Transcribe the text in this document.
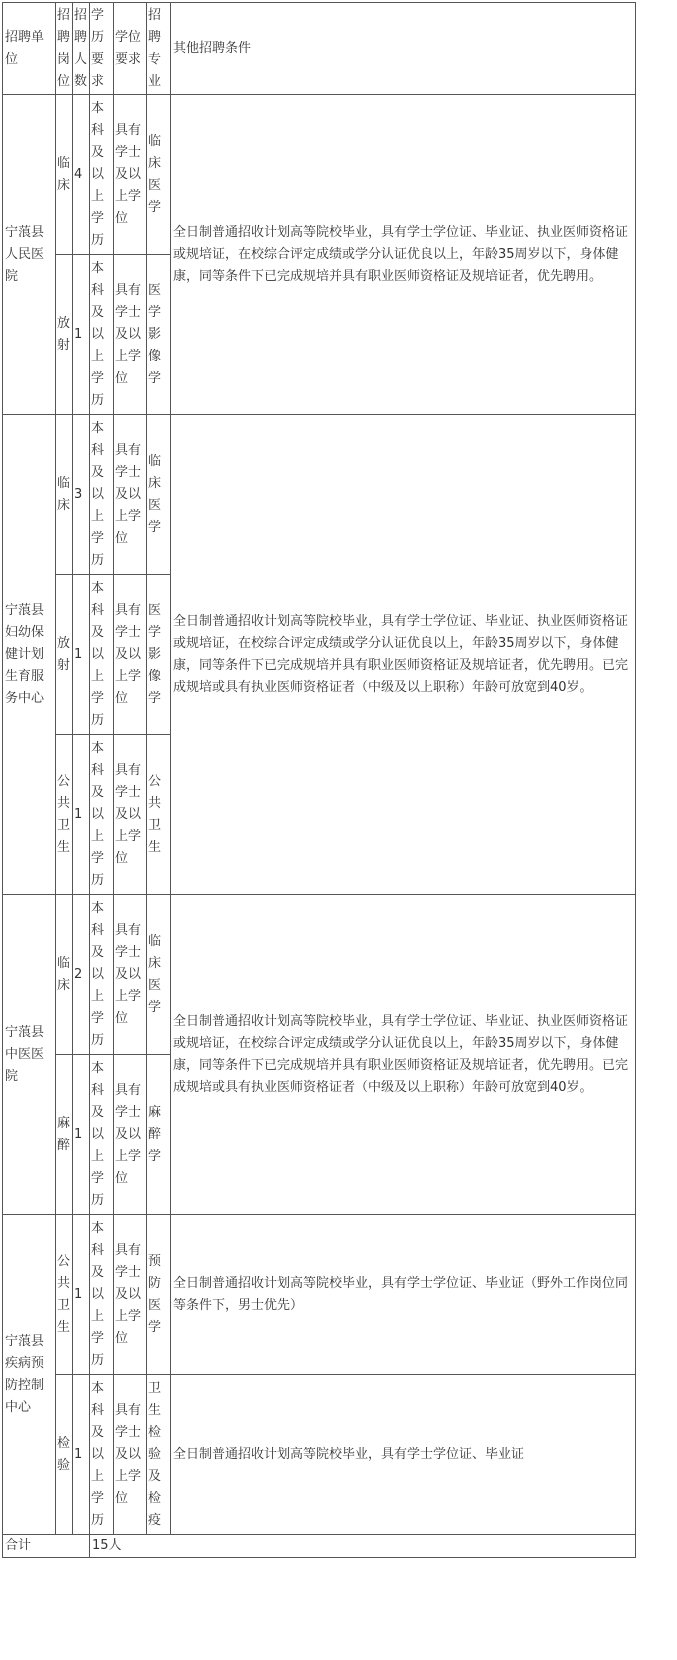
招聘单位	招聘岗位	招聘人数	学历要求	学位要求	招聘专业	其他招聘条件
宁蒗县人民医院	临床	4	本科及以上学历	具有学士及以上学位	临床医学	全日制普通招收计划高等院校毕业，具有学士学位证、毕业证、执业医师资格证或规培证，在校综合评定成绩或学分认证优良以上，年龄35周岁以下，身体健康，同等条件下已完成规培并具有职业医师资格证及规培证者，优先聘用。
	放射	1	本科及以上学历	具有学士及以上学位	医学影像学	
宁蒗县妇幼保健计划生育服务中心	临床	3	本科及以上学历	具有学士及以上学位	临床医学	全日制普通招收计划高等院校毕业，具有学士学位证、毕业证、执业医师资格证或规培证，在校综合评定成绩或学分认证优良以上，年龄35周岁以下，身体健康，同等条件下已完成规培并具有职业医师资格证及规培证者，优先聘用。已完成规培或具有执业医师资格证者（中级及以上职称）年龄可放宽到40岁。
	放射	1	本科及以上学历	具有学士及以上学位	医学影像学	
	公共卫生	1	本科及以上学历	具有学士及以上学位	公共卫生	
宁蒗县中医医院	临床	2	本科及以上学历	具有学士及以上学位	临床医学	全日制普通招收计划高等院校毕业，具有学士学位证、毕业证、执业医师资格证或规培证，在校综合评定成绩或学分认证优良以上，年龄35周岁以下，身体健康，同等条件下已完成规培并具有职业医师资格证及规培证者，优先聘用。已完成规培或具有执业医师资格证者（中级及以上职称）年龄可放宽到40岁。
	麻醉	1	本科及以上学历	具有学士及以上学位	麻醉学	
宁蒗县疾病预防控制中心	公共卫生	1	本科及以上学历	具有学士及以上学位	预防医学	全日制普通招收计划高等院校毕业，具有学士学位证、毕业证（野外工作岗位同等条件下，男士优先）
	检验	1	本科及以上学历	具有学士及以上学位	卫生检验及检疫	全日制普通招收计划高等院校毕业，具有学士学位证、毕业证
合计			15人			
